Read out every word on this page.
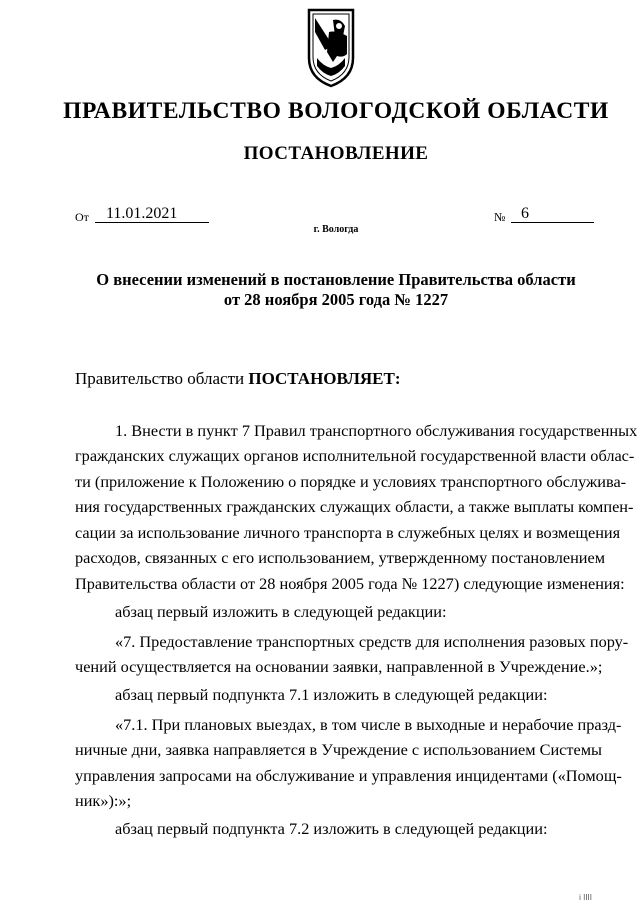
ПРАВИТЕЛЬСТВО ВОЛОГОДСКОЙ ОБЛАСТИ
ПОСТАНОВЛЕНИЕ
От 11.01.2021	№ 6
г. Вологда
О внесении изменений в постановление Правительства области
от 28 ноября 2005 года № 1227
Правительство области ПОСТАНОВЛЯЕТ:
1. Внести в пункт 7 Правил транспортного обслуживания государственных
гражданских служащих органов исполнительной государственной власти облас-
ти (приложение к Положению о порядке и условиях транспортного обслужива-
ния государственных гражданских служащих области, а также выплаты компен-
сации за использование личного транспорта в служебных целях и возмещения
расходов, связанных с его использованием, утвержденному постановлением
Правительства области от 28 ноября 2005 года № 1227) следующие изменения:
абзац первый изложить в следующей редакции:
«7. Предоставление транспортных средств для исполнения разовых пору-
чений осуществляется на основании заявки, направленной в Учреждение.»;
абзац первый подпункта 7.1 изложить в следующей редакции:
«7.1. При плановых выездах, в том числе в выходные и нерабочие празд-
ничные дни, заявка направляется в Учреждение с использованием Системы
управления запросами на обслуживание и управления инцидентами («Помощ-
ник»):»;
абзац первый подпункта 7.2 изложить в следующей редакции:
і ІІІІ
